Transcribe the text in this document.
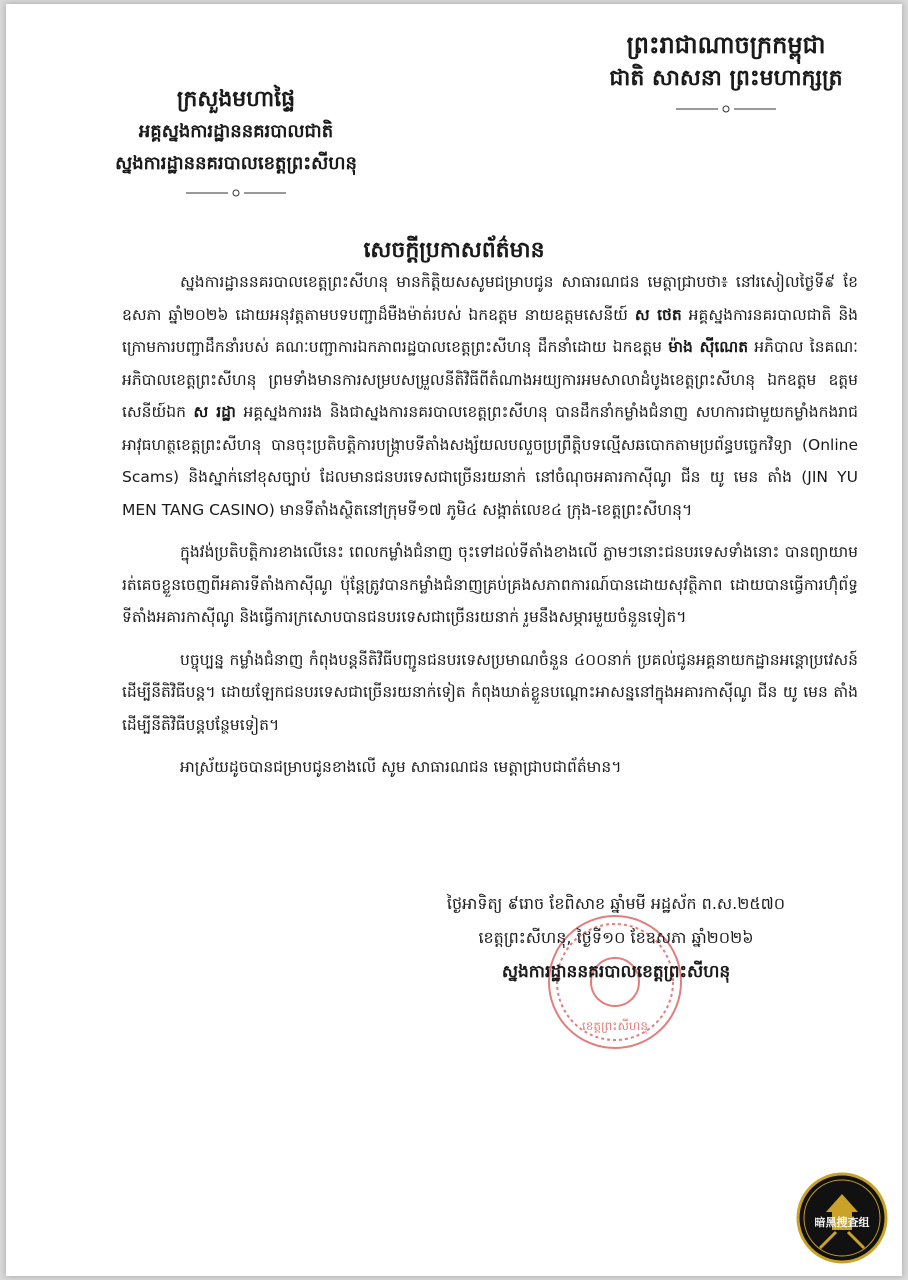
ព្រះរាជាណាចក្រកម្ពុជា
ជាតិ សាសនា ព្រះមហាក្សត្រ
ក្រសួងមហាផ្ទៃ
អគ្គស្នងការដ្ឋាននគរបាលជាតិ
ស្នងការដ្ឋាននគរបាលខេត្តព្រះសីហនុ
សេចក្ដីប្រកាសព័ត៌មាន

ស្នងការដ្ឋាននគរបាលខេត្តព្រះសីហនុ មានកិត្តិយសសូមជម្រាបជូន សាធារណជន មេត្តាជ្រាបថា៖ នៅរសៀលថ្ងៃទី៩ ខែឧសភា ឆ្នាំ២០២៦ ដោយអនុវត្តតាមបទបញ្ជាដ៏មឺងម៉ាត់របស់ ឯកឧត្តម នាយឧត្តមសេនីយ៍ ស ថេត អគ្គស្នងការនគរបាលជាតិ និងក្រោមការបញ្ជាដឹកនាំរបស់ គណៈបញ្ជាការឯកភាពរដ្ឋបាលខេត្តព្រះសីហនុ ដឹកនាំដោយ ឯកឧត្តម ម៉ាង ស៊ីណេត អភិបាល នៃគណៈអភិបាលខេត្តព្រះសីហនុ ព្រមទាំងមានការសម្របសម្រួលនីតិវិធីពីតំណាងអយ្យការអមសាលាដំបូងខេត្តព្រះសីហនុ ឯកឧត្តម ឧត្តមសេនីយ៍ឯក ស រដ្ឋា អគ្គស្នងការរង និងជាស្នងការនគរបាលខេត្តព្រះសីហនុ បានដឹកនាំកម្លាំងជំនាញ សហការជាមួយកម្លាំងកងរាជអាវុធហត្ថខេត្តព្រះសីហនុ បានចុះប្រតិបត្តិការបង្ក្រាបទីតាំងសង្ស័យលបលួចប្រព្រឹត្តិបទល្មើសឆបោកតាមប្រព័ន្ធបច្ចេកវិទ្យា (Online Scams) និងស្នាក់នៅខុសច្បាប់ ដែលមានជនបរទេសជាច្រើនរយនាក់ នៅចំណុចអគារកាស៊ីណូ ជីន យូ មេន តាំង (JIN YU MEN TANG CASINO) មានទីតាំងស្ថិតនៅក្រុមទី១៧ ភូមិ៤ សង្កាត់លេខ៤ ក្រុង-ខេត្តព្រះសីហនុ។

ក្នុងវង់ប្រតិបត្តិការខាងលើនេះ ពេលកម្លាំងជំនាញ ចុះទៅដល់ទីតាំងខាងលើ ភ្លាមៗនោះជនបរទេសទាំងនោះ បានព្យាយាមរត់គេចខ្លួនចេញពីអគារទីតាំងកាស៊ីណូ ប៉ុន្តែត្រូវបានកម្លាំងជំនាញគ្រប់គ្រងសភាពការណ៍បានដោយសុវត្ថិភាព ដោយបានធ្វើការហ៊ុំព័ទ្ធទីតាំងអគារកាស៊ីណូ និងធ្វើការក្រសោបបានជនបរទេសជាច្រើនរយនាក់ រួមនឹងសម្ភារមួយចំនួនទៀត។

បច្ចុប្បន្ន កម្លាំងជំនាញ កំពុងបន្តនីតិវិធីបញ្ជូនជនបរទេសប្រមាណចំនួន ៤០០នាក់ ប្រគល់ជូនអគ្គនាយកដ្ឋានអន្តោប្រវេសន៍ ដើម្បីនីតិវិធីបន្ត។ ដោយឡែកជនបរទេសជាច្រើនរយនាក់ទៀត កំពុងឃាត់ខ្លួនបណ្ដោះអាសន្ននៅក្នុងអគារកាស៊ីណូ ជីន យូ មេន តាំង ដើម្បីនីតិវិធីបន្តបន្ថែមទៀត។

អាស្រ័យដូចបានជម្រាបជូនខាងលើ សូម សាធារណជន មេត្តាជ្រាបជាព័ត៌មាន។

ខេត្តព្រះសីហនុ
ថ្ងៃអាទិត្យ ៩រោច ខែពិសាខ ឆ្នាំមមី អដ្ឋស័ក ព.ស.២៥៧០
ខេត្តព្រះសីហនុ, ថ្ងៃទី១០ ខែឧសភា ឆ្នាំ២០២៦
ស្នងការដ្ឋាននគរបាលខេត្តព្រះសីហនុ
暗黑搜查组
